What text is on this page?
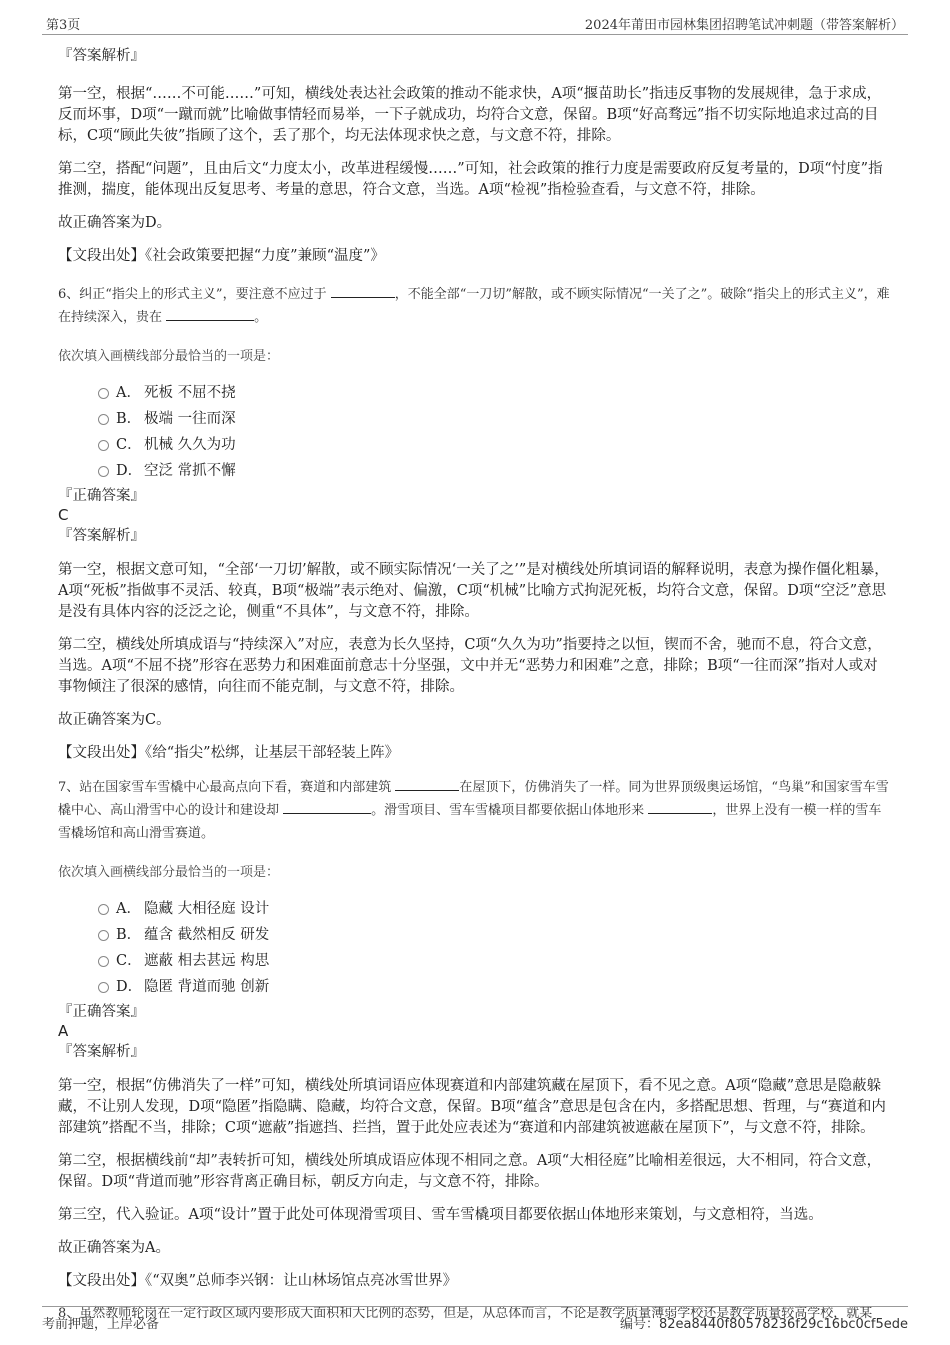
第3页	2024年莆田市园林集团招聘笔试冲刺题（带答案解析）

『答案解析』

第一空，根据“……不可能……”可知，横线处表达社会政策的推动不能求快，A项“揠苗助长”指违反事物的发展规律，急于求成，反而坏事，D项“一蹴而就”比喻做事情轻而易举，一下子就成功，均符合文意，保留。B项“好高骛远”指不切实际地追求过高的目标，C项“顾此失彼”指顾了这个，丢了那个，均无法体现求快之意，与文意不符，排除。

第二空，搭配“问题”，且由后文“力度太小，改革进程缓慢……”可知，社会政策的推行力度是需要政府反复考量的，D项“忖度”指推测，揣度，能体现出反复思考、考量的意思，符合文意，当选。A项“检视”指检验查看，与文意不符，排除。

故正确答案为D。

【文段出处】《社会政策要把握“力度”兼顾“温度”》

6、纠正“指尖上的形式主义”，要注意不应过于	，不能全部“一刀切”解散，或不顾实际情况“一关了之”。破除“指尖上的形式主义”，难在持续深入，贵在	。

依次填入画横线部分最恰当的一项是：

A． 死板 不屈不挠
B． 极端 一往而深
C． 机械 久久为功
D． 空泛 常抓不懈

『正确答案』

C

『答案解析』

第一空，根据文意可知，“全部‘一刀切’解散，或不顾实际情况‘一关了之’”是对横线处所填词语的解释说明，表意为操作僵化粗暴，A项“死板”指做事不灵活、较真，B项“极端”表示绝对、偏激，C项“机械”比喻方式拘泥死板，均符合文意，保留。D项“空泛”意思是没有具体内容的泛泛之论，侧重“不具体”，与文意不符，排除。

第二空，横线处所填成语与“持续深入”对应，表意为长久坚持，C项“久久为功”指要持之以恒，锲而不舍，驰而不息，符合文意，当选。A项“不屈不挠”形容在恶势力和困难面前意志十分坚强，文中并无“恶势力和困难”之意，排除；B项“一往而深”指对人或对事物倾注了很深的感情，向往而不能克制，与文意不符，排除。

故正确答案为C。

【文段出处】《给“指尖”松绑，让基层干部轻装上阵》

7、站在国家雪车雪橇中心最高点向下看，赛道和内部建筑	在屋顶下，仿佛消失了一样。同为世界顶级奥运场馆，“鸟巢”和国家雪车雪橇中心、高山滑雪中心的设计和建设却	。滑雪项目、雪车雪橇项目都要依据山体地形来	，世界上没有一模一样的雪车雪橇场馆和高山滑雪赛道。

依次填入画横线部分最恰当的一项是：

A． 隐藏 大相径庭 设计
B． 蕴含 截然相反 研发
C． 遮蔽 相去甚远 构思
D． 隐匿 背道而驰 创新

『正确答案』

A

『答案解析』

第一空，根据“仿佛消失了一样”可知，横线处所填词语应体现赛道和内部建筑藏在屋顶下，看不见之意。A项“隐藏”意思是隐蔽躲藏，不让别人发现，D项“隐匿”指隐瞒、隐藏，均符合文意，保留。B项“蕴含”意思是包含在内，多搭配思想、哲理，与“赛道和内部建筑”搭配不当，排除；C项“遮蔽”指遮挡、拦挡，置于此处应表述为“赛道和内部建筑被遮蔽在屋顶下”，与文意不符，排除。

第二空，根据横线前“却”表转折可知，横线处所填成语应体现不相同之意。A项“大相径庭”比喻相差很远，大不相同，符合文意，保留。D项“背道而驰”形容背离正确目标，朝反方向走，与文意不符，排除。

第三空，代入验证。A项“设计”置于此处可体现滑雪项目、雪车雪橇项目都要依据山体地形来策划，与文意相符，当选。

故正确答案为A。

【文段出处】《“双奥”总师李兴钢：让山林场馆点亮冰雪世界》

8、虽然教师轮岗在一定行政区域内要形成大面积和大比例的态势，但是，从总体而言，不论是教学质量薄弱学校还是教学质量较高学校，就某

考前押题，上岸必备	编号：82ea8440f80578236f29c16bc0cf5ede
